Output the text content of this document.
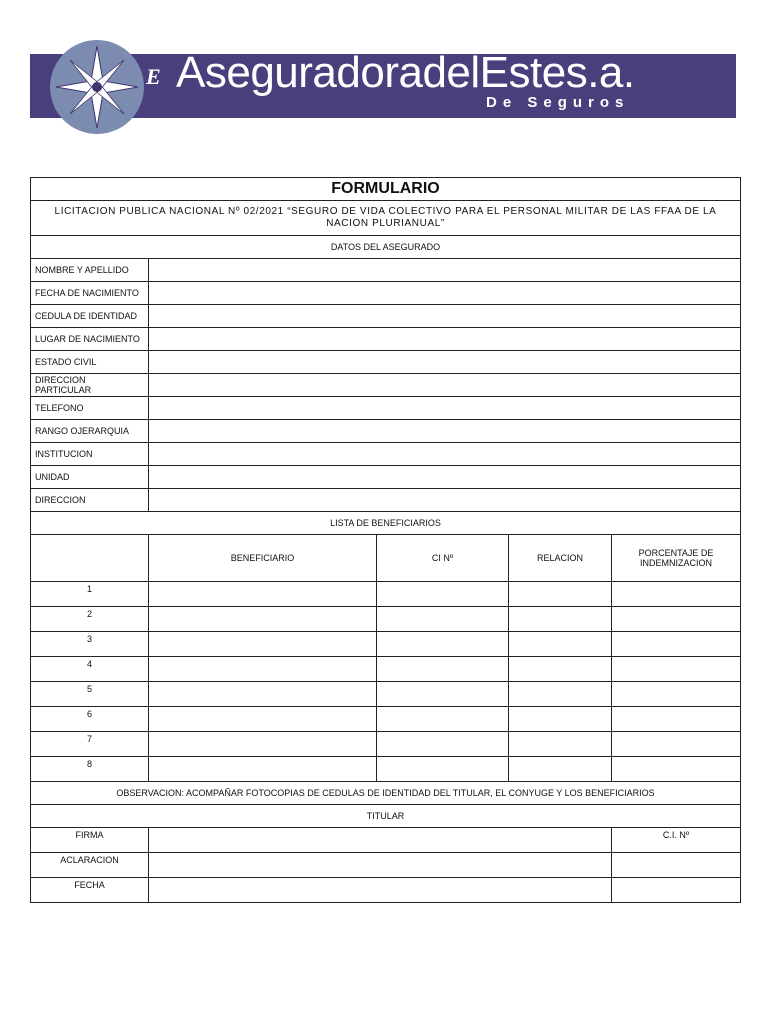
E AseguradoradelEstes.a.
De Seguros
FORMULARIO				
LICITACION PUBLICA NACIONAL Nº 02/2021 “SEGURO DE VIDA COLECTIVO PARA EL PERSONAL MILITAR DE LAS FFAA DE LA NACION PLURIANUAL”				
DATOS DEL ASEGURADO				
NOMBRE Y APELLIDO				
FECHA DE NACIMIENTO				
CEDULA DE IDENTIDAD				
LUGAR DE NACIMIENTO				
ESTADO CIVIL				
DIRECCION PARTICULAR				
TELEFONO				
RANGO OJERARQUIA				
INSTITUCION				
UNIDAD				
DIRECCION				
LISTA DE BENEFICIARIOS				
	BENEFICIARIO	CI Nº	RELACION	PORCENTAJE DE INDEMNIZACION
1				
2				
3				
4				
5				
6				
7				
8				
OBSERVACION: ACOMPAÑAR FOTOCOPIAS DE CEDULAS DE IDENTIDAD DEL TITULAR, EL CONYUGE Y LOS BENEFICIARIOS				
TITULAR				
FIRMA				C.I. Nº
ACLARACION				
FECHA				
